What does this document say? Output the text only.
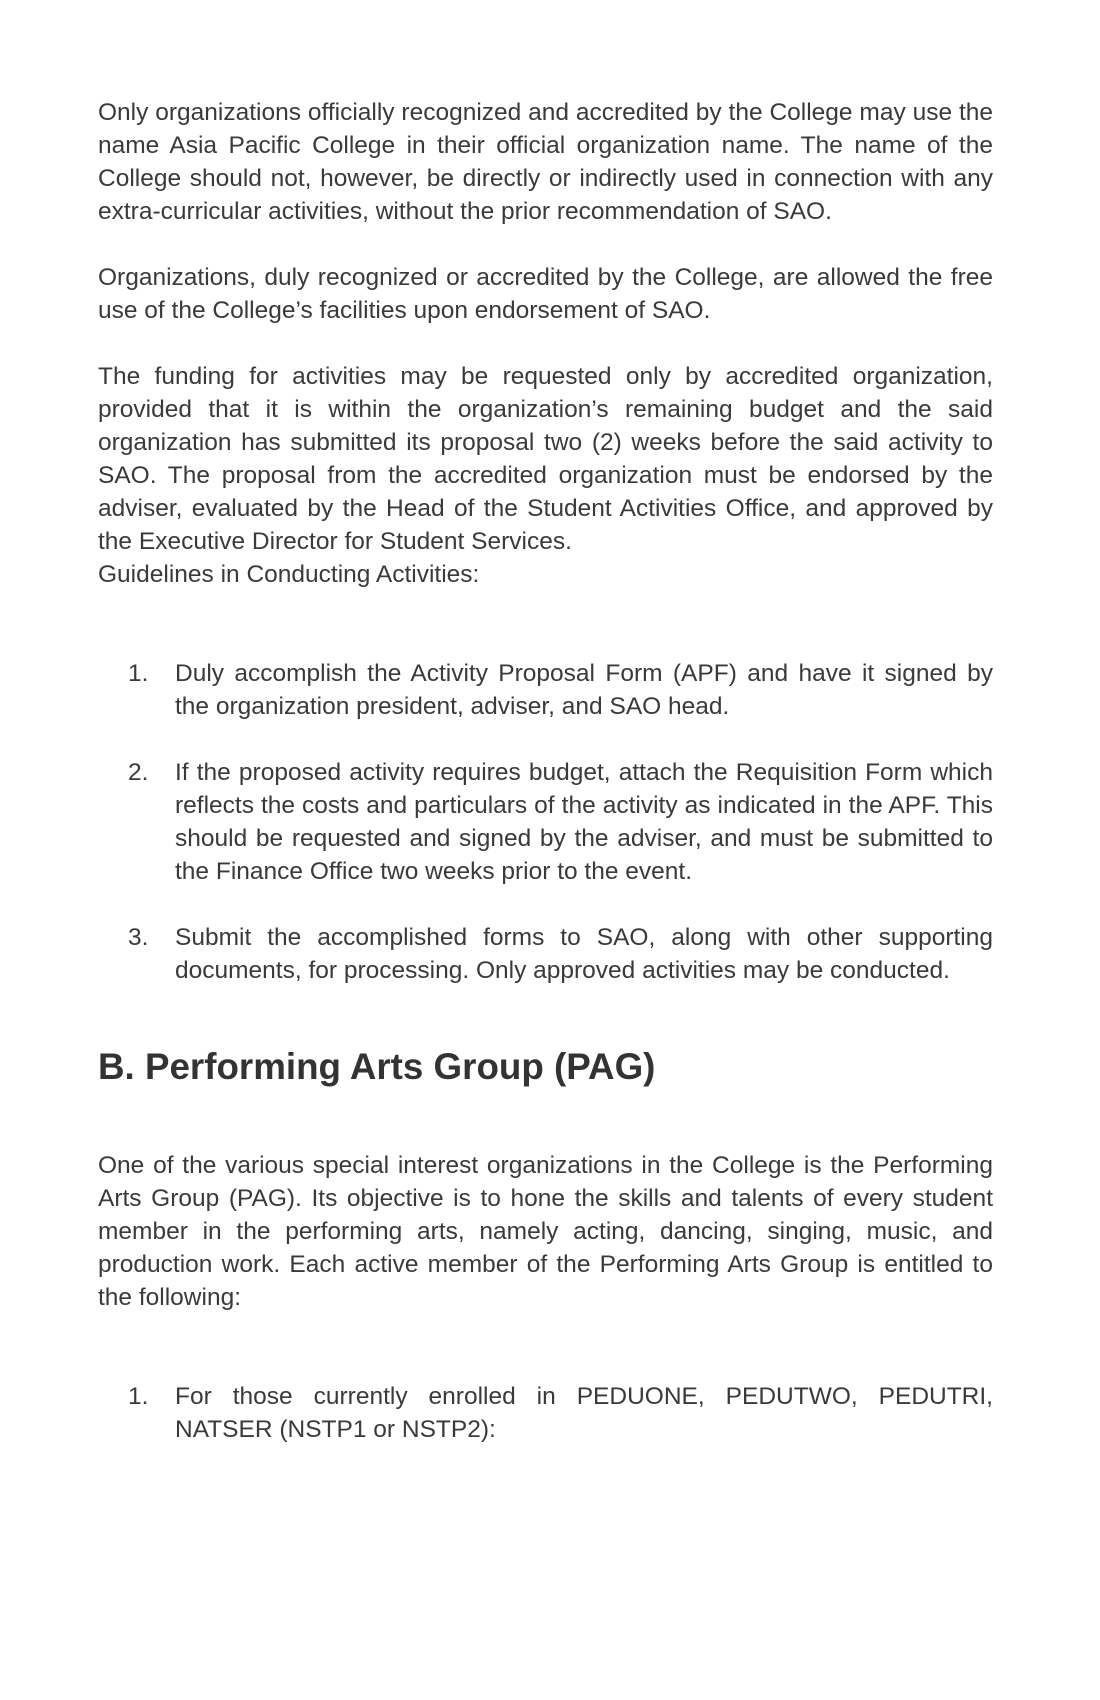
Only organizations officially recognized and accredited by the College may use the name Asia Pacific College in their official organization name. The name of the College should not, however, be directly or indirectly used in connection with any extra-curricular activities, without the prior recommendation of SAO.

Organizations, duly recognized or accredited by the College, are allowed the free use of the College’s facilities upon endorsement of SAO.

The funding for activities may be requested only by accredited organization, provided that it is within the organization’s remaining budget and the said organization has submitted its proposal two (2) weeks before the said activity to SAO. The proposal from the accredited organization must be endorsed by the adviser, evaluated by the Head of the Student Activities Office, and approved by the Executive Director for Student Services.

Guidelines in Conducting Activities:

1. Duly accomplish the Activity Proposal Form (APF) and have it signed by the organization president, adviser, and SAO head.
2. If the proposed activity requires budget, attach the Requisition Form which reflects the costs and particulars of the activity as indicated in the APF. This should be requested and signed by the adviser, and must be submitted to the Finance Office two weeks prior to the event.
3. Submit the accomplished forms to SAO, along with other supporting documents, for processing. Only approved activities may be conducted.
B. Performing Arts Group (PAG)

One of the various special interest organizations in the College is the Performing Arts Group (PAG). Its objective is to hone the skills and talents of every student member in the performing arts, namely acting, dancing, singing, music, and production work. Each active member of the Performing Arts Group is entitled to the following:

1. For those currently enrolled in PEDUONE, PEDUTWO, PEDUTRI, NATSER (NSTP1 or NSTP2):
